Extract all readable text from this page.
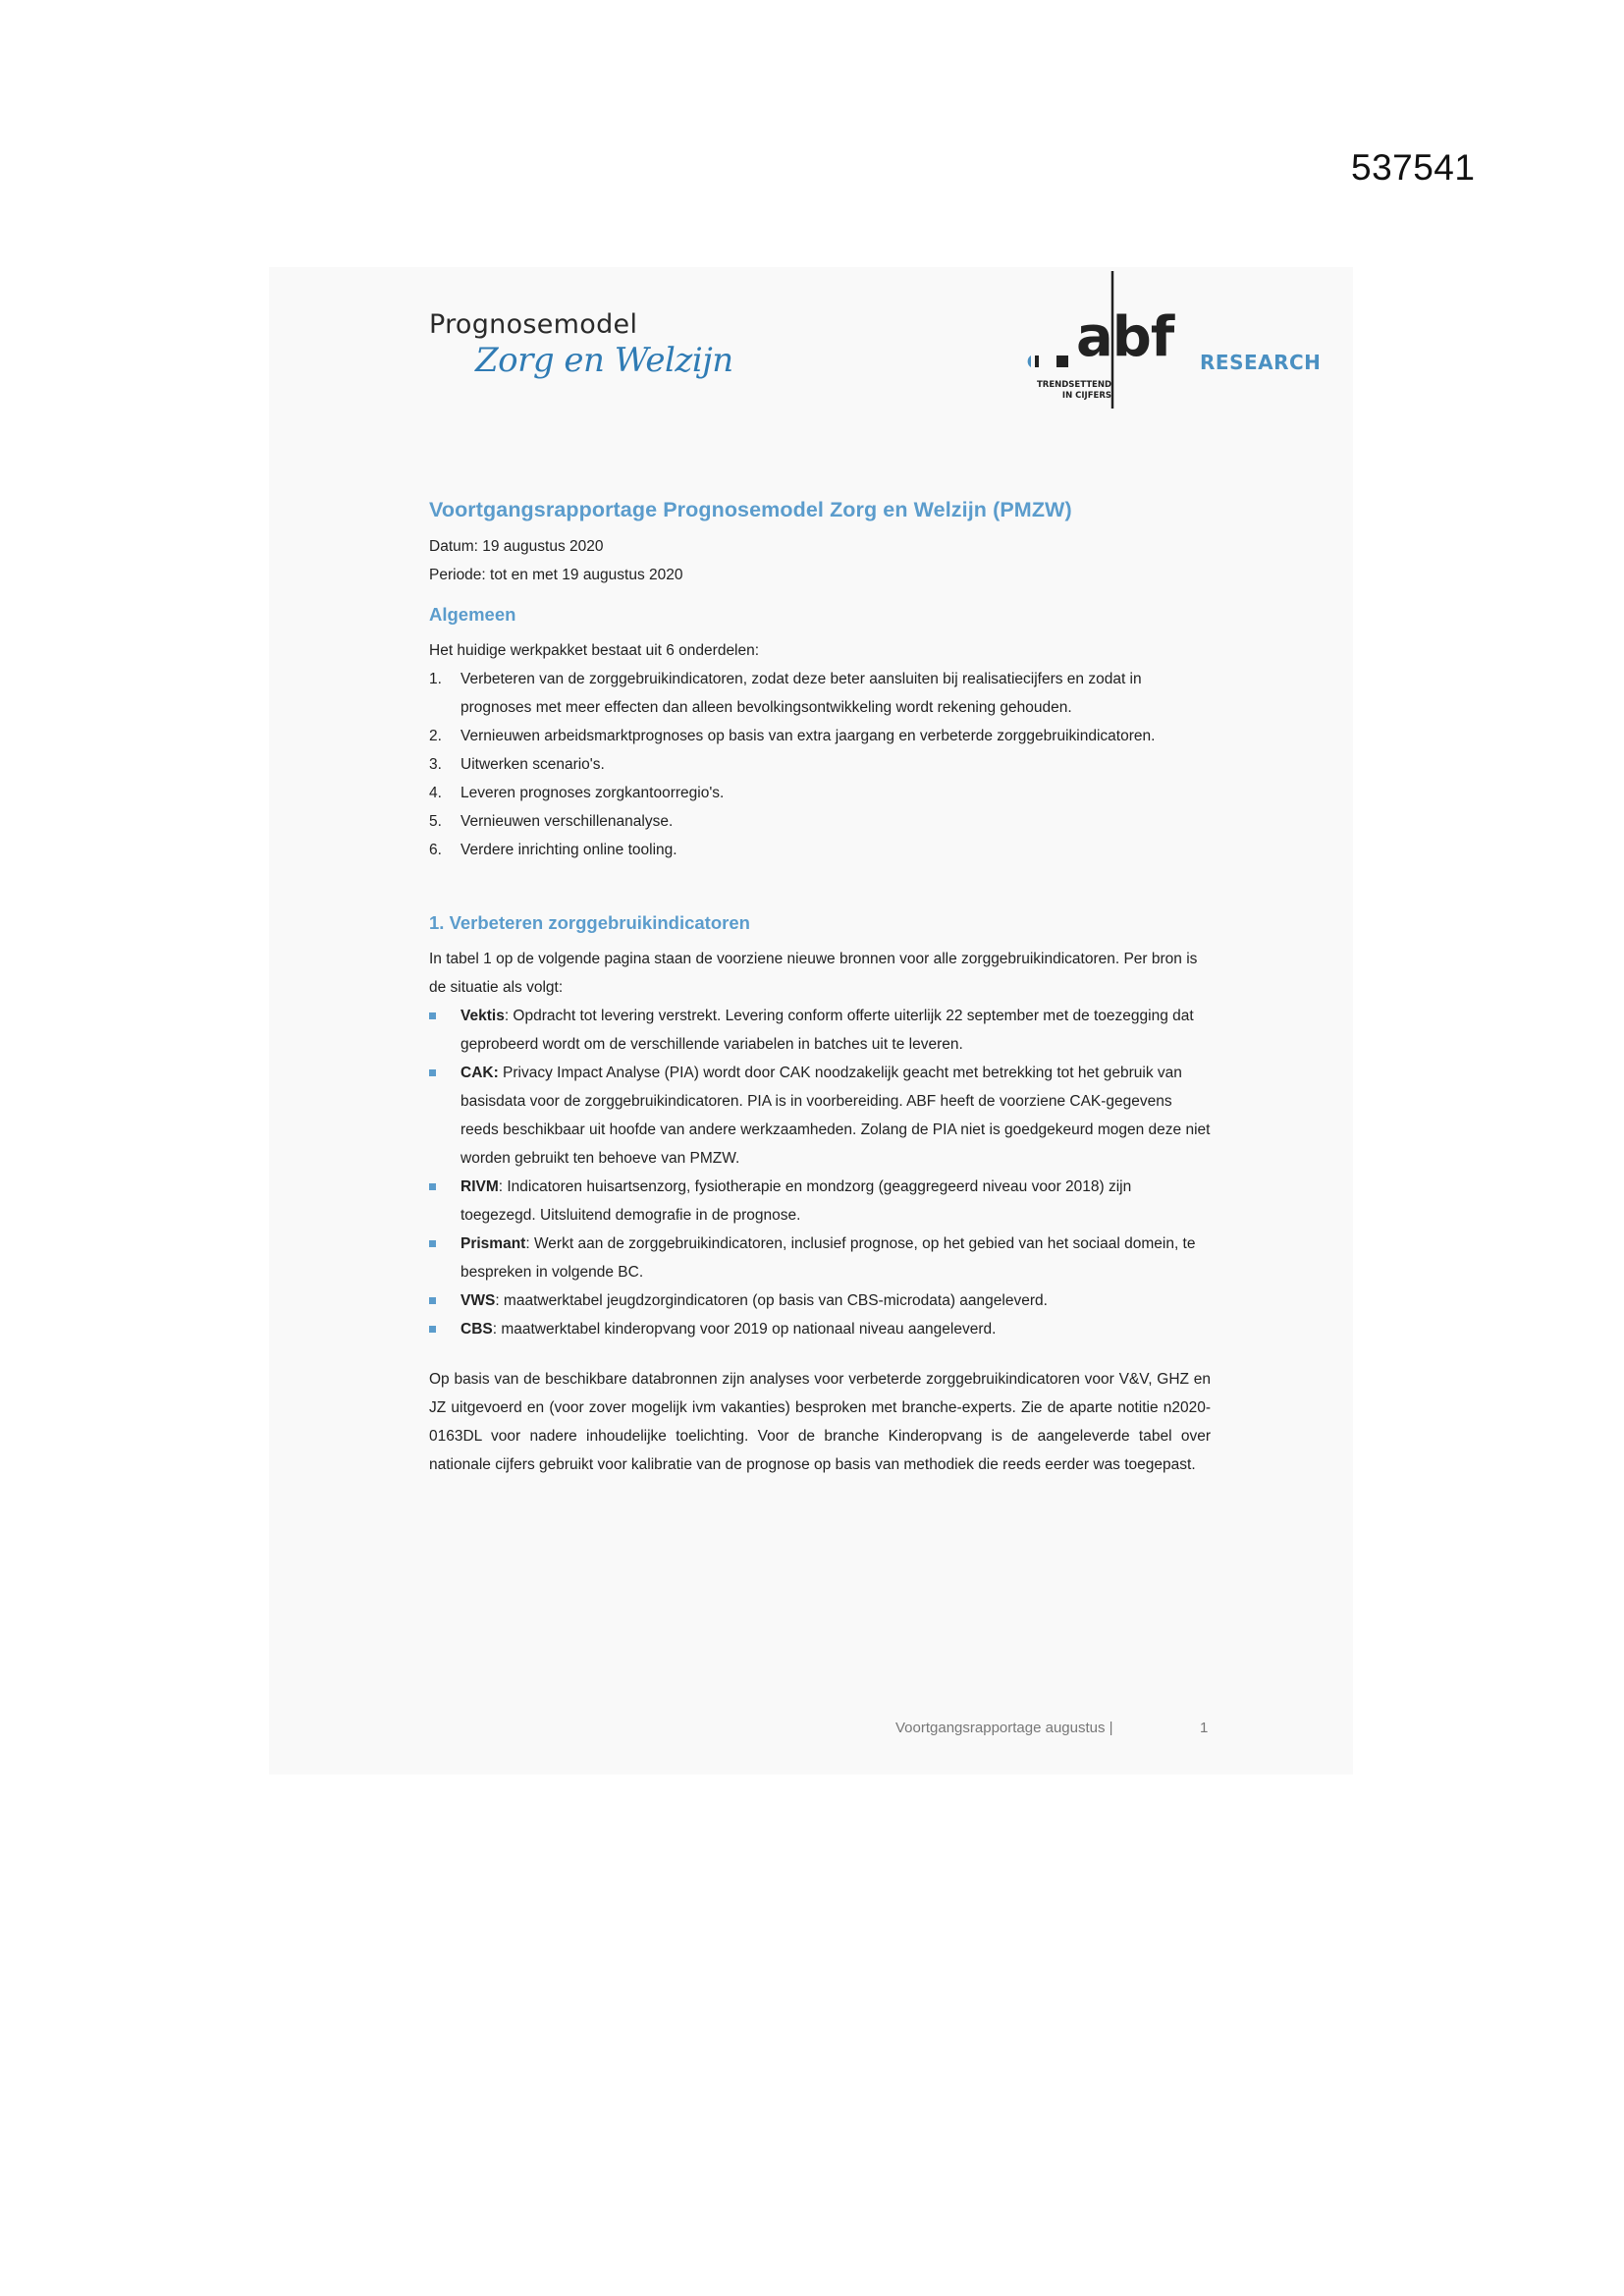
537541
Prognosemodel
Zorg en Welzijn	abf RESEARCH
TRENDSETTEND
IN CIJFERS
Voortgangsrapportage Prognosemodel Zorg en Welzijn (PMZW)

Datum: 19 augustus 2020

Periode: tot en met 19 augustus 2020

Algemeen

Het huidige werkpakket bestaat uit 6 onderdelen:

1. Verbeteren van de zorggebruikindicatoren, zodat deze beter aansluiten bij realisatiecijfers en zodat in prognoses met meer effecten dan alleen bevolkingsontwikkeling wordt rekening gehouden.
2. Vernieuwen arbeidsmarktprognoses op basis van extra jaargang en verbeterde zorggebruikindicatoren.
3. Uitwerken scenario's.
4. Leveren prognoses zorgkantoorregio's.
5. Vernieuwen verschillenanalyse.
6. Verdere inrichting online tooling.
1. Verbeteren zorggebruikindicatoren

In tabel 1 op de volgende pagina staan de voorziene nieuwe bronnen voor alle zorggebruikindicatoren. Per bron is de situatie als volgt:

Vektis: Opdracht tot levering verstrekt. Levering conform offerte uiterlijk 22 september met de toezegging dat geprobeerd wordt om de verschillende variabelen in batches uit te leveren.
CAK: Privacy Impact Analyse (PIA) wordt door CAK noodzakelijk geacht met betrekking tot het gebruik van basisdata voor de zorggebruikindicatoren. PIA is in voorbereiding. ABF heeft de voorziene CAK-gegevens reeds beschikbaar uit hoofde van andere werkzaamheden. Zolang de PIA niet is goedgekeurd mogen deze niet worden gebruikt ten behoeve van PMZW.
RIVM: Indicatoren huisartsenzorg, fysiotherapie en mondzorg (geaggregeerd niveau voor 2018) zijn toegezegd. Uitsluitend demografie in de prognose.
Prismant: Werkt aan de zorggebruikindicatoren, inclusief prognose, op het gebied van het sociaal domein, te bespreken in volgende BC.
VWS: maatwerktabel jeugdzorgindicatoren (op basis van CBS-microdata) aangeleverd.
CBS: maatwerktabel kinderopvang voor 2019 op nationaal niveau aangeleverd.

Op basis van de beschikbare databronnen zijn analyses voor verbeterde zorggebruikindicatoren voor V&V, GHZ en JZ uitgevoerd en (voor zover mogelijk ivm vakanties) besproken met branche-experts. Zie de aparte notitie n2020-0163DL voor nadere inhoudelijke toelichting. Voor de branche Kinderopvang is de aangeleverde tabel over nationale cijfers gebruikt voor kalibratie van de prognose op basis van methodiek die reeds eerder was toegepast.

Voortgangsrapportage augustus |	1
